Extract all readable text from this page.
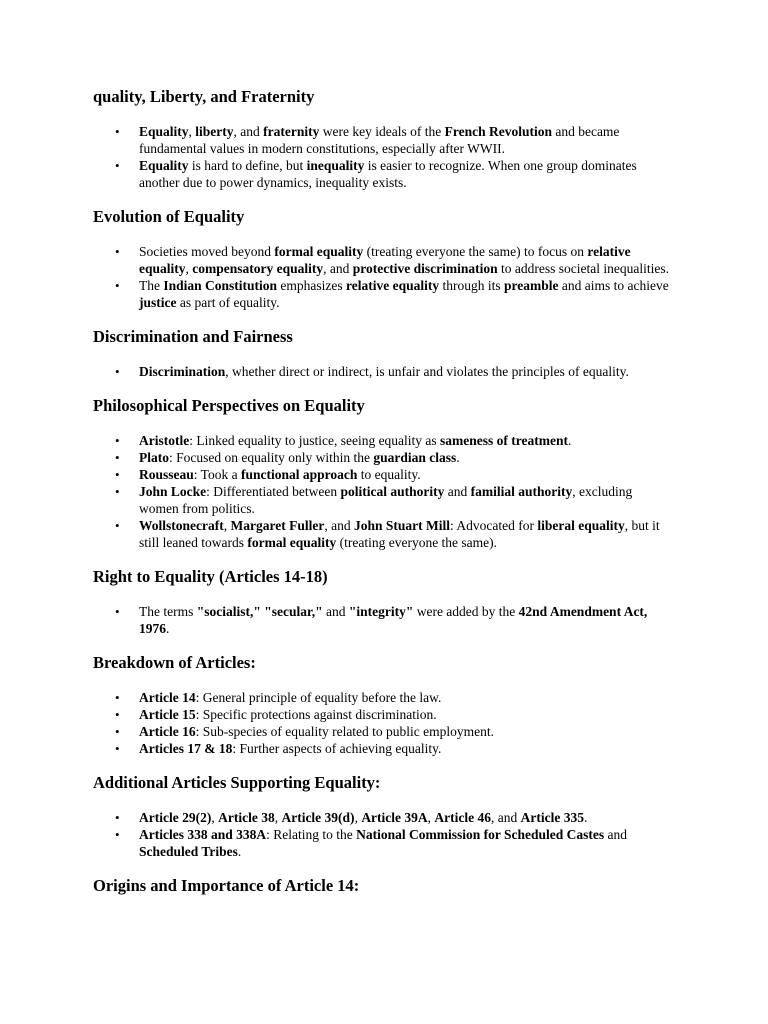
quality, Liberty, and Fraternity
• Equality, liberty, and fraternity were key ideals of the French Revolution and became fundamental values in modern constitutions, especially after WWII.
• Equality is hard to define, but inequality is easier to recognize. When one group dominates another due to power dynamics, inequality exists.
Evolution of Equality
• Societies moved beyond formal equality (treating everyone the same) to focus on relative equality, compensatory equality, and protective discrimination to address societal inequalities.
• The Indian Constitution emphasizes relative equality through its preamble and aims to achieve justice as part of equality.
Discrimination and Fairness
• Discrimination, whether direct or indirect, is unfair and violates the principles of equality.
Philosophical Perspectives on Equality
• Aristotle: Linked equality to justice, seeing equality as sameness of treatment.
• Plato: Focused on equality only within the guardian class.
• Rousseau: Took a functional approach to equality.
• John Locke: Differentiated between political authority and familial authority, excluding women from politics.
• Wollstonecraft, Margaret Fuller, and John Stuart Mill: Advocated for liberal equality, but it still leaned towards formal equality (treating everyone the same).
Right to Equality (Articles 14-18)
• The terms "socialist," "secular," and "integrity" were added by the 42nd Amendment Act, 1976.
Breakdown of Articles:
• Article 14: General principle of equality before the law.
• Article 15: Specific protections against discrimination.
• Article 16: Sub-species of equality related to public employment.
• Articles 17 & 18: Further aspects of achieving equality.
Additional Articles Supporting Equality:
• Article 29(2), Article 38, Article 39(d), Article 39A, Article 46, and Article 335.
• Articles 338 and 338A: Relating to the National Commission for Scheduled Castes and Scheduled Tribes.
Origins and Importance of Article 14:
